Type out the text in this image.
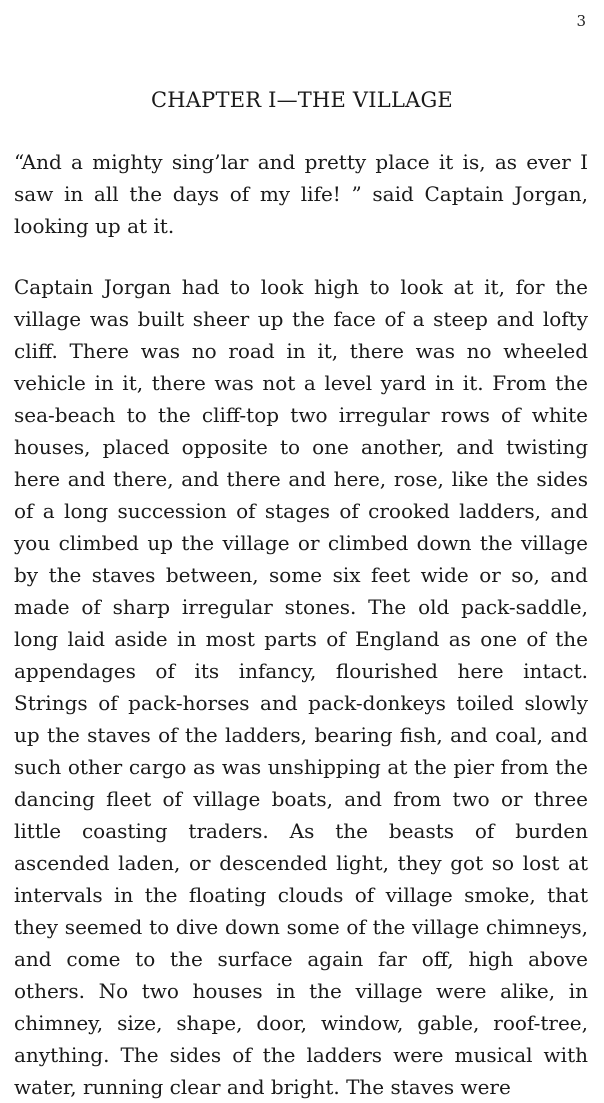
3
CHAPTER I—THE VILLAGE

“And a mighty sing’lar and pretty place it is, as ever I saw in all the days of my life! ” said Captain Jorgan, looking up at it.

Captain Jorgan had to look high to look at it, for the village was built sheer up the face of a steep and lofty cliff. There was no road in it, there was no wheeled vehicle in it, there was not a level yard in it. From the sea-beach to the cliff-top two irregular rows of white houses, placed opposite to one another, and twisting here and there, and there and here, rose, like the sides of a long succession of stages of crooked ladders, and you climbed up the village or climbed down the village by the staves between, some six feet wide or so, and made of sharp irregular stones. The old pack-saddle, long laid aside in most parts of England as one of the appendages of its infancy, flourished here intact. Strings of pack-horses and pack-donkeys toiled slowly up the staves of the ladders, bearing fish, and coal, and such other cargo as was unshipping at the pier from the dancing fleet of village boats, and from two or three little coasting traders. As the beasts of burden ascended laden, or descended light, they got so lost at intervals in the floating clouds of village smoke, that they seemed to dive down some of the village chimneys, and come to the surface again far off, high above others. No two houses in the village were alike, in chimney, size, shape, door, window, gable, roof-tree, anything. The sides of the ladders were musical with water, running clear and bright. The staves were
